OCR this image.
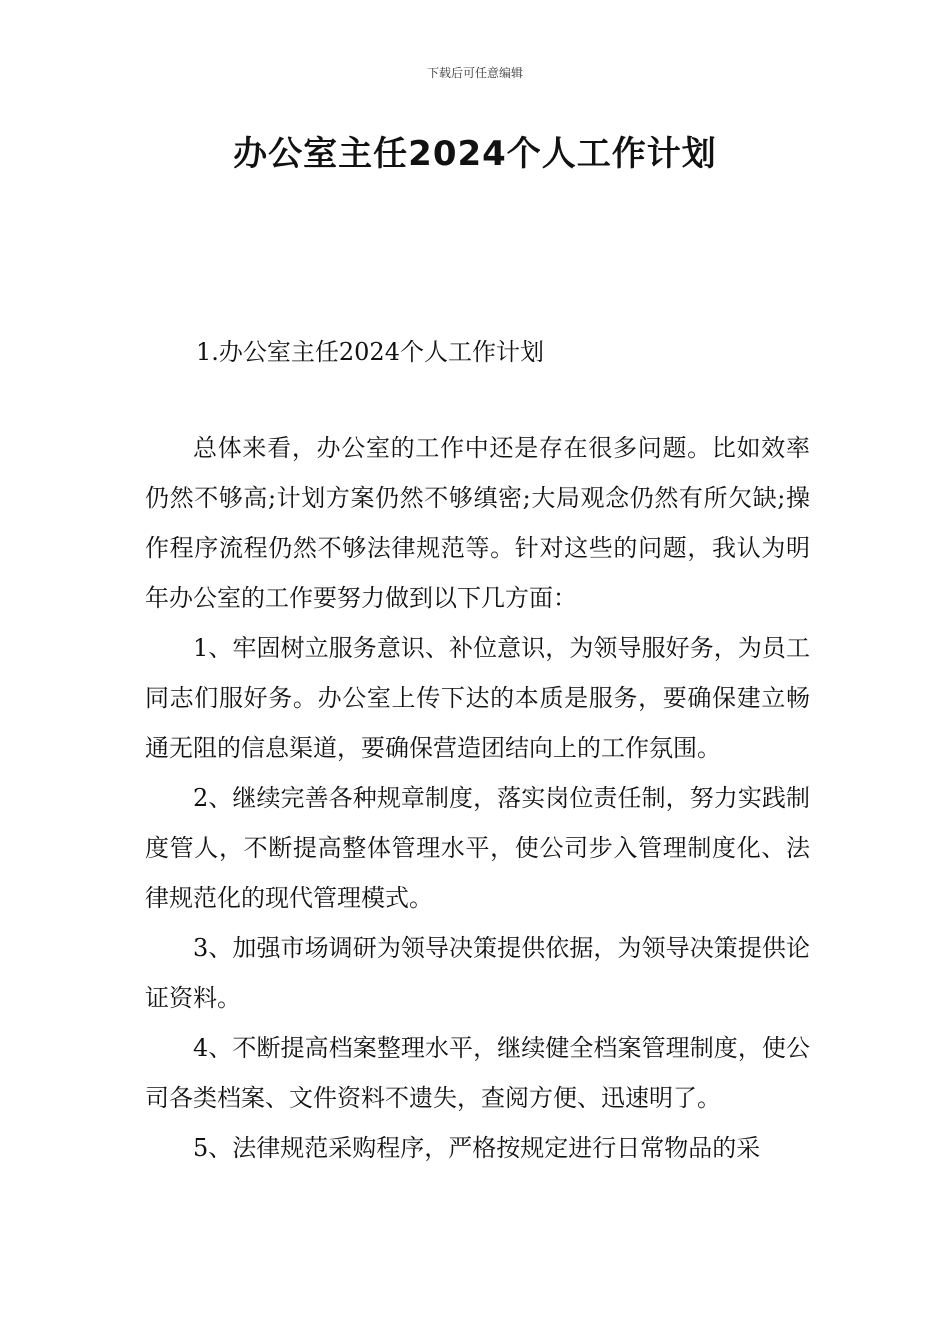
下载后可任意编辑
办公室主任2024个人工作计划
1.办公室主任2024个人工作计划

总体来看，办公室的工作中还是存在很多问题。比如效率仍然不够高;计划方案仍然不够缜密;大局观念仍然有所欠缺;操作程序流程仍然不够法律规范等。针对这些的问题，我认为明年办公室的工作要努力做到以下几方面：

1、牢固树立服务意识、补位意识，为领导服好务，为员工同志们服好务。办公室上传下达的本质是服务，要确保建立畅通无阻的信息渠道，要确保营造团结向上的工作氛围。

2、继续完善各种规章制度，落实岗位责任制，努力实践制度管人，不断提高整体管理水平，使公司步入管理制度化、法律规范化的现代管理模式。

3、加强市场调研为领导决策提供依据，为领导决策提供论证资料。

4、不断提高档案整理水平，继续健全档案管理制度，使公司各类档案、文件资料不遗失，查阅方便、迅速明了。

5、法律规范采购程序，严格按规定进行日常物品的采
